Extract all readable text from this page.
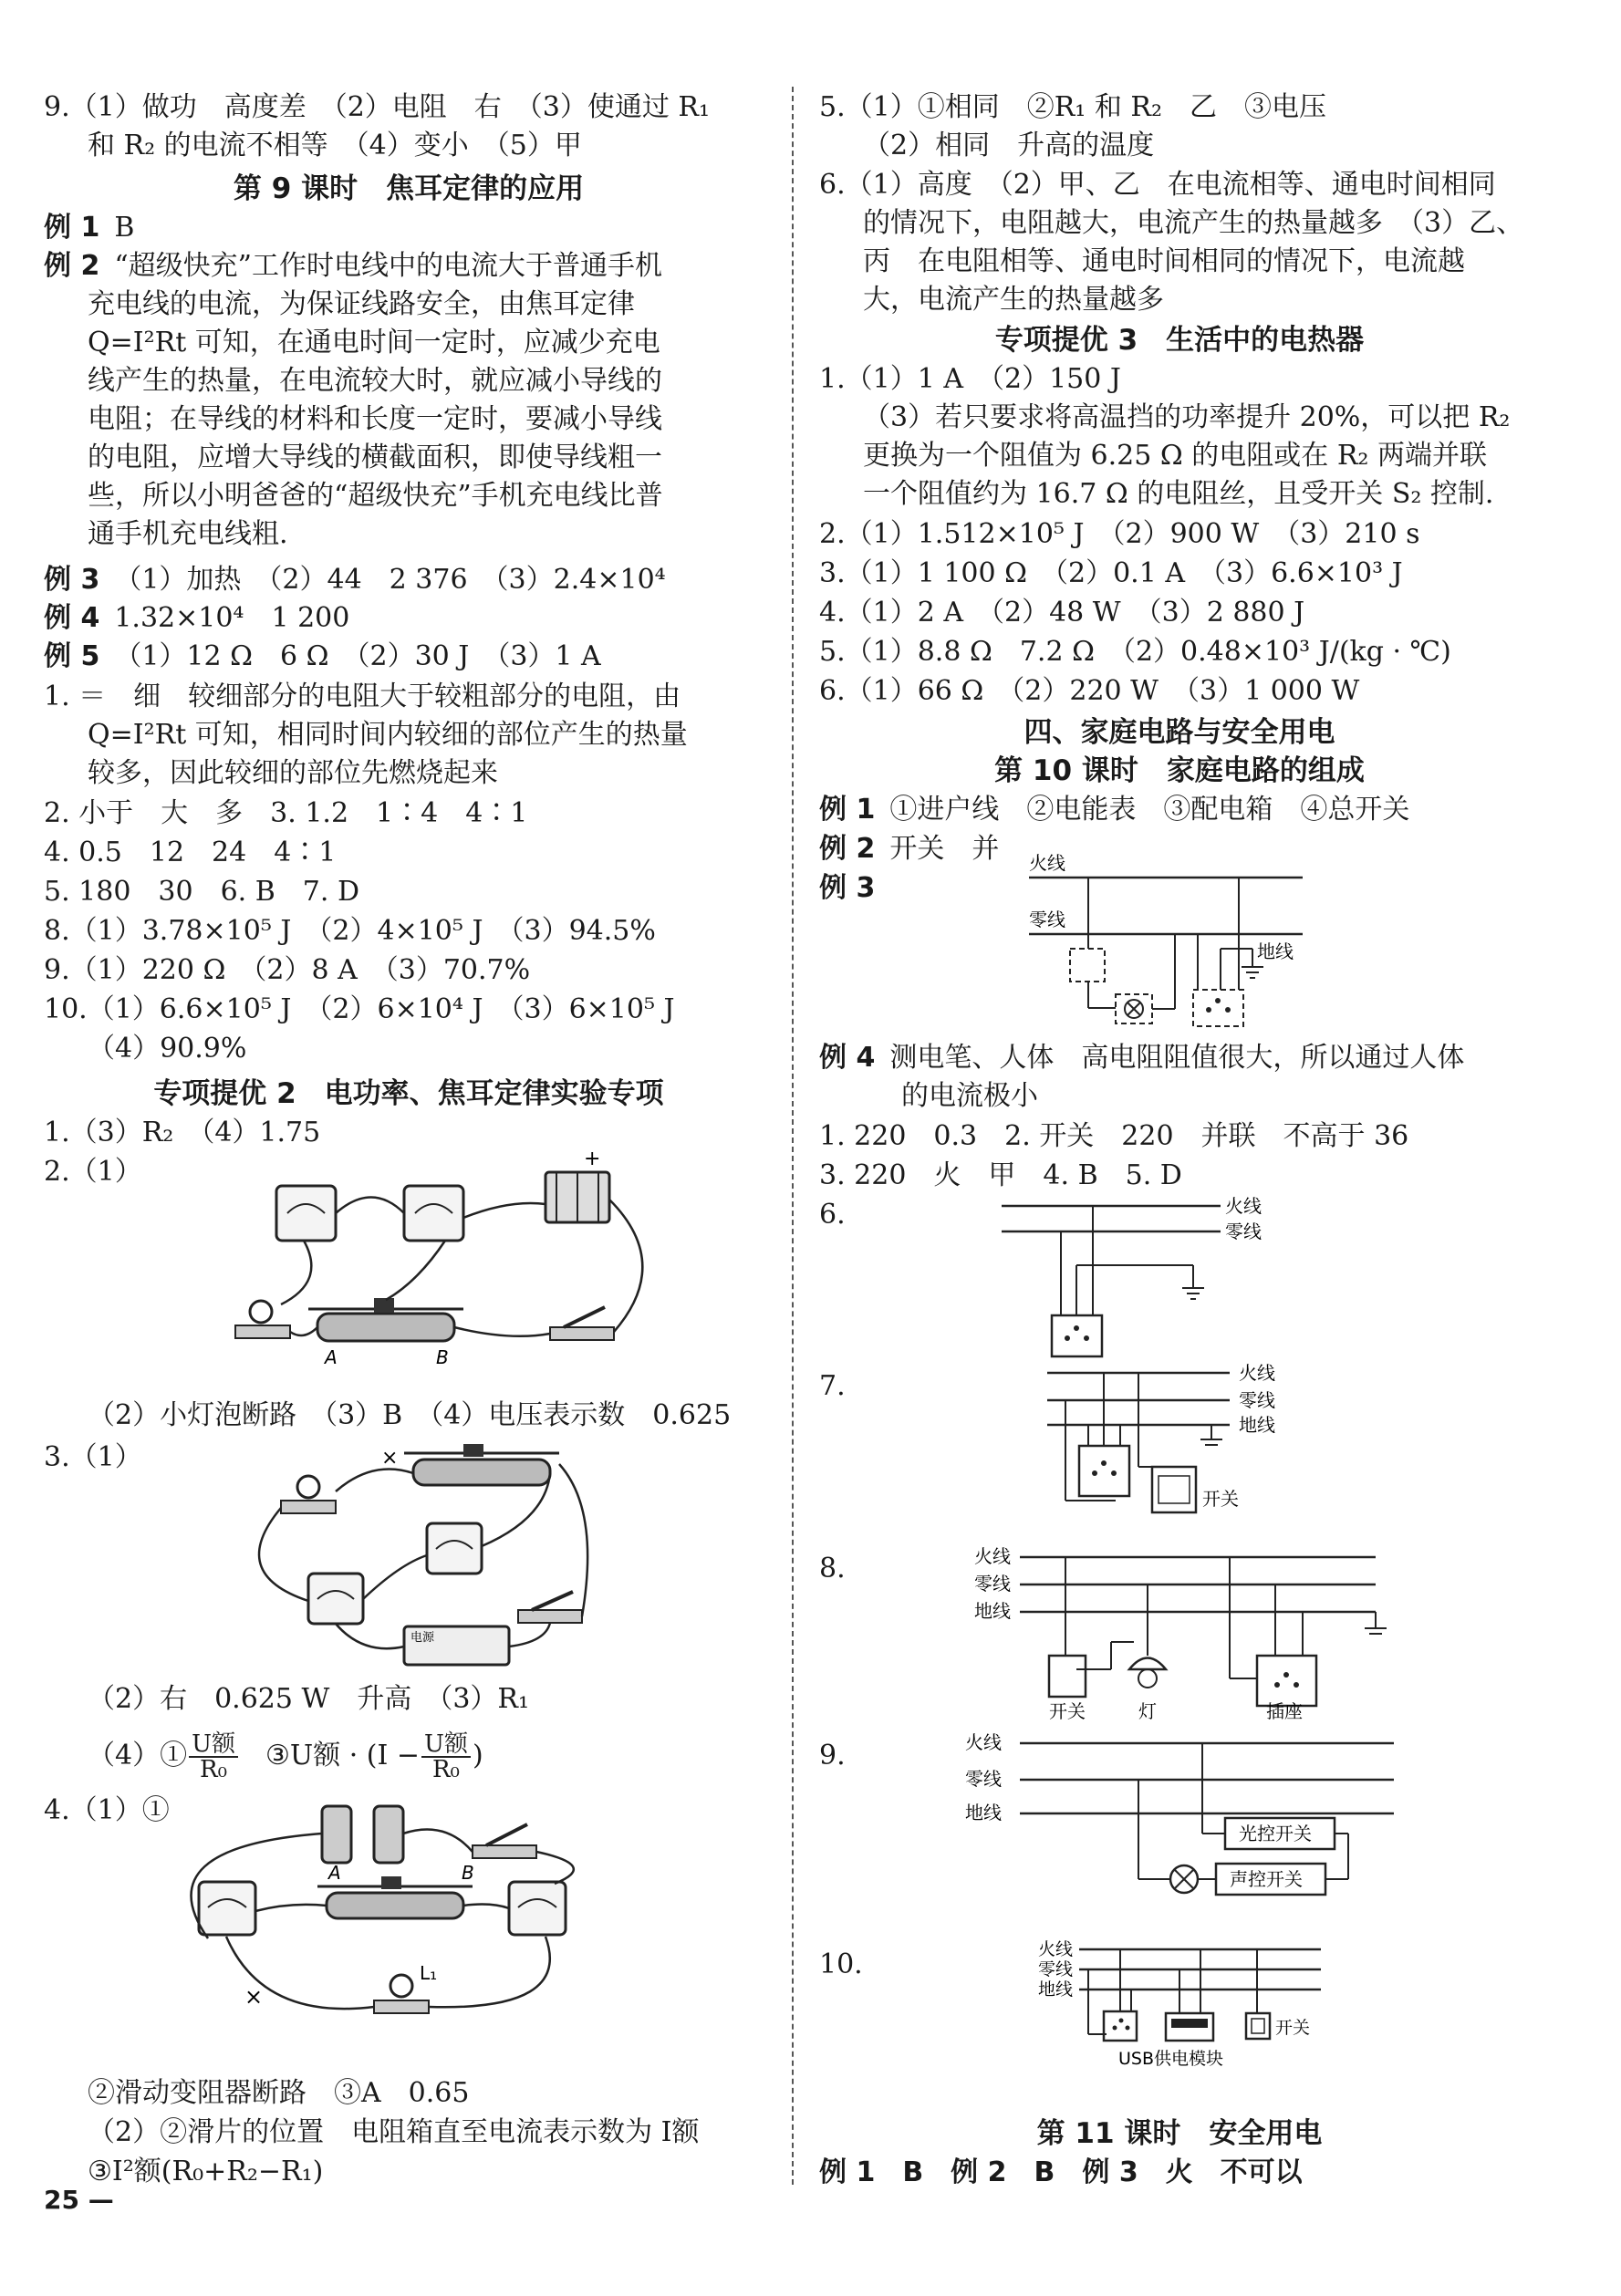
9.（1）做功　高度差　（2）电阻　右　（3）使通过 R₁
和 R₂ 的电流不相等　（4）变小　（5）甲
第 9 课时　焦耳定律的应用
例 1 B
例 2 “超级快充”工作时电线中的电流大于普通手机
充电线的电流，为保证线路安全，由焦耳定律
Q=I²Rt 可知，在通电时间一定时，应减少充电
线产生的热量，在电流较大时，就应减小导线的
电阻；在导线的材料和长度一定时，要减小导线
的电阻，应增大导线的横截面积，即使导线粗一
些，所以小明爸爸的“超级快充”手机充电线比普
通手机充电线粗.
例 3 （1）加热　（2）44　2 376　（3）2.4×10⁴
例 4 1.32×10⁴　1 200
例 5 （1）12 Ω　6 Ω　（2）30 J　（3）1 A
1. ＝　细　较细部分的电阻大于较粗部分的电阻，由
Q=I²Rt 可知，相同时间内较细的部位产生的热量
较多，因此较细的部位先燃烧起来
2. 小于　大　多　3. 1.2　1∶4　4∶1
4. 0.5　12　24　4∶1
5. 180　30　6. B　7. D
8.（1）3.78×10⁵ J　（2）4×10⁵ J　（3）94.5%
9.（1）220 Ω　（2）8 A　（3）70.7%
10.（1）6.6×10⁵ J　（2）6×10⁴ J　（3）6×10⁵ J
（4）90.9%
专项提优 2　电功率、焦耳定律实验专项
1.（3）R₂　（4）1.75
2.（1）	+
A	B
（2）小灯泡断路　（3）B　（4）电压表示数　0.625
3.（1）
电源
×
（2）右　0.625 W　升高　（3）R₁
（4）① $\frac{\text{U额}}{\text{R₀}}$ ③U额 · ($I - \frac{\text{U额}}{\text{R₀}}$ )
4.（1）①
A	B
L₁
×
②滑动变阻器断路　③A　0.65
（2）②滑片的位置　电阻箱直至电流表示数为 I额
③I²额(R₀+R₂−R₁)
25 —
5.（1）①相同　②R₁ 和 R₂　乙　③电压
（2）相同　升高的温度
6.（1）高度　（2）甲、乙　在电流相等、通电时间相同
的情况下，电阻越大，电流产生的热量越多　（3）乙、
丙　在电阻相等、通电时间相同的情况下，电流越
大，电流产生的热量越多
专项提优 3　生活中的电热器
1.（1）1 A　（2）150 J
（3）若只要求将高温挡的功率提升 20%，可以把 R₂
更换为一个阻值为 6.25 Ω 的电阻或在 R₂ 两端并联
一个阻值约为 16.7 Ω 的电阻丝，且受开关 S₂ 控制.
2.（1）1.512×10⁵ J　（2）900 W　（3）210 s
3.（1）1 100 Ω　（2）0.1 A　（3）6.6×10³ J
4.（1）2 A　（2）48 W　（3）2 880 J
5.（1）8.8 Ω　7.2 Ω　（2）0.48×10³ J/(kg · ℃)
6.（1）66 Ω　（2）220 W　（3）1 000 W
四、家庭电路与安全用电
第 10 课时　家庭电路的组成
例 1 ①进户线　②电能表　③配电箱　④总开关
例 2 开关　并
例 3
火线
零线
地线
例 4 测电笔、人体　高电阻阻值很大，所以通过人体
的电流极小
1. 220　0.3　2. 开关　220　并联　不高于 36
3. 220　火　甲　4. B　5. D
6.	火线
零线
7.	火线
零线
地线
开关
8.	火线
零线
地线
开关	灯	插座
9.	火线
零线
地线
声控开关
光控开关
10.	火线
零线
地线
开关
USB供电模块
第 11 课时　安全用电
例 1　B　例 2　B　例 3　火　不可以
